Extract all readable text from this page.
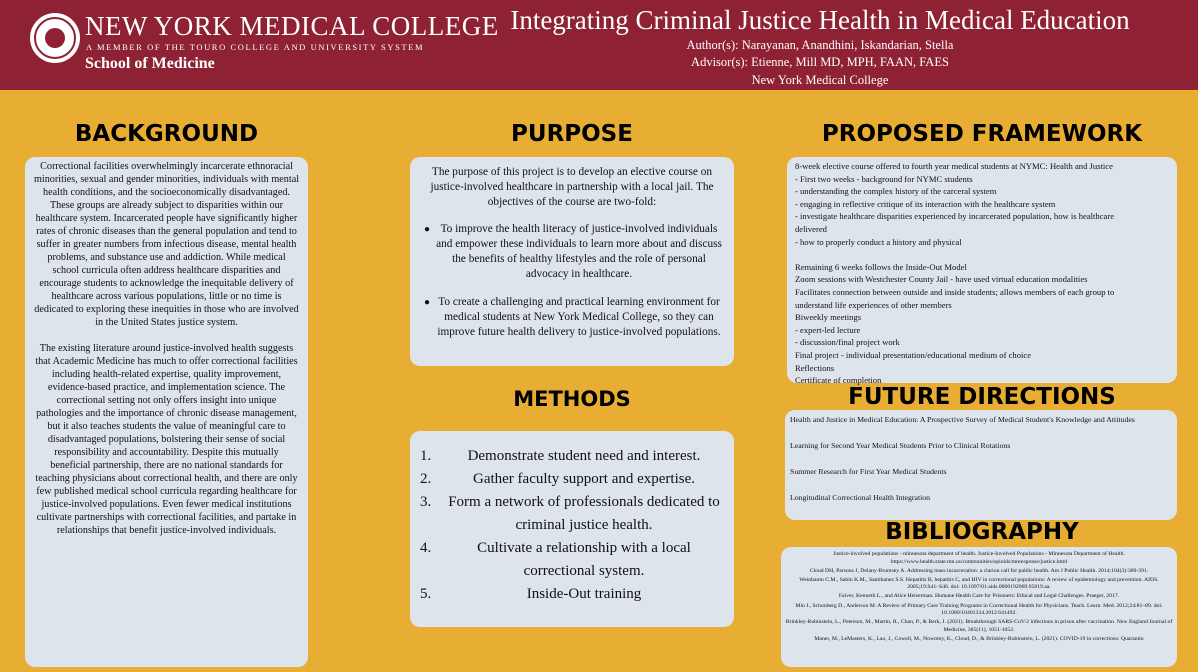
NEW YORK MEDICAL COLLEGE
A MEMBER OF THE TOURO COLLEGE AND UNIVERSITY SYSTEM
School of Medicine
Integrating Criminal Justice Health in Medical Education
Author(s): Narayanan, Anandhini, Iskandarian, Stella
Advisor(s): Etienne, Mill MD, MPH, FAAN, FAES
New York Medical College
BACKGROUND

Correctional facilities overwhelmingly incarcerate ethnoracial minorities, sexual and gender minorities, individuals with mental health conditions, and the socioeconomically disadvantaged. These groups are already subject to disparities within our healthcare system. Incarcerated people have significantly higher rates of chronic diseases than the general population and tend to suffer in greater numbers from infectious disease, mental health problems, and substance use and addiction. While medical school curricula often address healthcare disparities and encourage students to acknowledge the inequitable delivery of healthcare across various populations, little or no time is dedicated to exploring these inequities in those who are involved in the United States justice system.

The existing literature around justice-involved health suggests that Academic Medicine has much to offer correctional facilities including health-related expertise, quality improvement, evidence-based practice, and implementation science. The correctional setting not only offers insight into unique pathologies and the importance of chronic disease management, but it also teaches students the value of meaningful care to disadvantaged populations, bolstering their sense of social responsibility and accountability. Despite this mutually beneficial partnership, there are no national standards for teaching physicians about correctional health, and there are only few published medical school curricula regarding healthcare for justice-involved populations. Even fewer medical institutions cultivate partnerships with correctional facilities, and partake in relationships that benefit justice-involved individuals.

PURPOSE

The purpose of this project is to develop an elective course on justice-involved healthcare in partnership with a local jail. The objectives of the course are two-fold:

● To improve the health literacy of justice-involved individuals and empower these individuals to learn more about and discuss the benefits of healthy lifestyles and the role of personal advocacy in healthcare.
● To create a challenging and practical learning environment for medical students at New York Medical College, so they can improve future health delivery to justice-involved populations.
METHODS
1.	Demonstrate student need and interest.
2.	Gather faculty support and expertise.
3.	Form a network of professionals dedicated to criminal justice health.
4.	Cultivate a relationship with a local correctional system.
5.	Inside-Out training
PROPOSED FRAMEWORK
8-week elective course offered to fourth year medical students at NYMC: Health and Justice
- First two weeks - background for NYMC students
- understanding the complex history of the carceral system
- engaging in reflective critique of its interaction with the healthcare system
- investigate healthcare disparities experienced by incarcerated population, how is healthcare
delivered
- how to properly conduct a history and physical
Remaining 6 weeks follows the Inside-Out Model
Zoom sessions with Westchester County Jail - have used virtual education modalities
Facilitates connection between outside and inside students; allows members of each group to
understand life experiences of other members
Biweekly meetings
- expert-led lecture
- discussion/final project work
Final project - individual presentation/educational medium of choice
Reflections
Certificate of completion
FUTURE DIRECTIONS

Health and Justice in Medical Education: A Prospective Survey of Medical Student's Knowledge and Attitudes

Learning for Second Year Medical Students Prior to Clinical Rotations

Summer Research for First Year Medical Students

Longitudinal Correctional Health Integration

BIBLIOGRAPHY

Justice-involved populations - minnesota department of health. Justice-Involved Populations - Minnesota Department of Health. https://www.health.state.mn.us/communities/opioids/mnresponse/justice.html

Cloud DH, Parsons J, Delany-Brumsey A. Addressing mass incarceration: a clarion call for public health. Am J Public Health. 2014;104(3):389-391.

Weinbaum C.M., Sabin K.M., Santibanez S.S. Hepatitis B, hepatitis C, and HIV in correctional populations: A review of epidemiology and prevention. AIDS. 2005;19:S41–S46. doi: 10.1097/01.aids.0000192069.95819.aa.

Faiver, Kenneth L., and Alice Heiserman. Humane Health Care for Prisoners: Ethical and Legal Challenges. Praeger, 2017.

Min I., Schonberg D., Anderson M. A Review of Primary Care Training Programs in Correctional Health for Physicians. Teach. Learn. Med. 2012;24:81–89. doi: 10.1080/10401334.2012.641492.

Brinkley-Rubinstein, L., Peterson, M., Martin, R., Chan, P., & Berk, J. (2021). Breakthrough SARS-CoV-2 infections in prison after vaccination. New England Journal of Medicine, 385(11), 1051-1052.

Maner, M., LeMasters, K., Lao, J., Cowell, M., Nowotny, K., Cloud, D., & Brinkley-Rubinstein, L. (2021). COVID-19 in corrections: Quarantin
